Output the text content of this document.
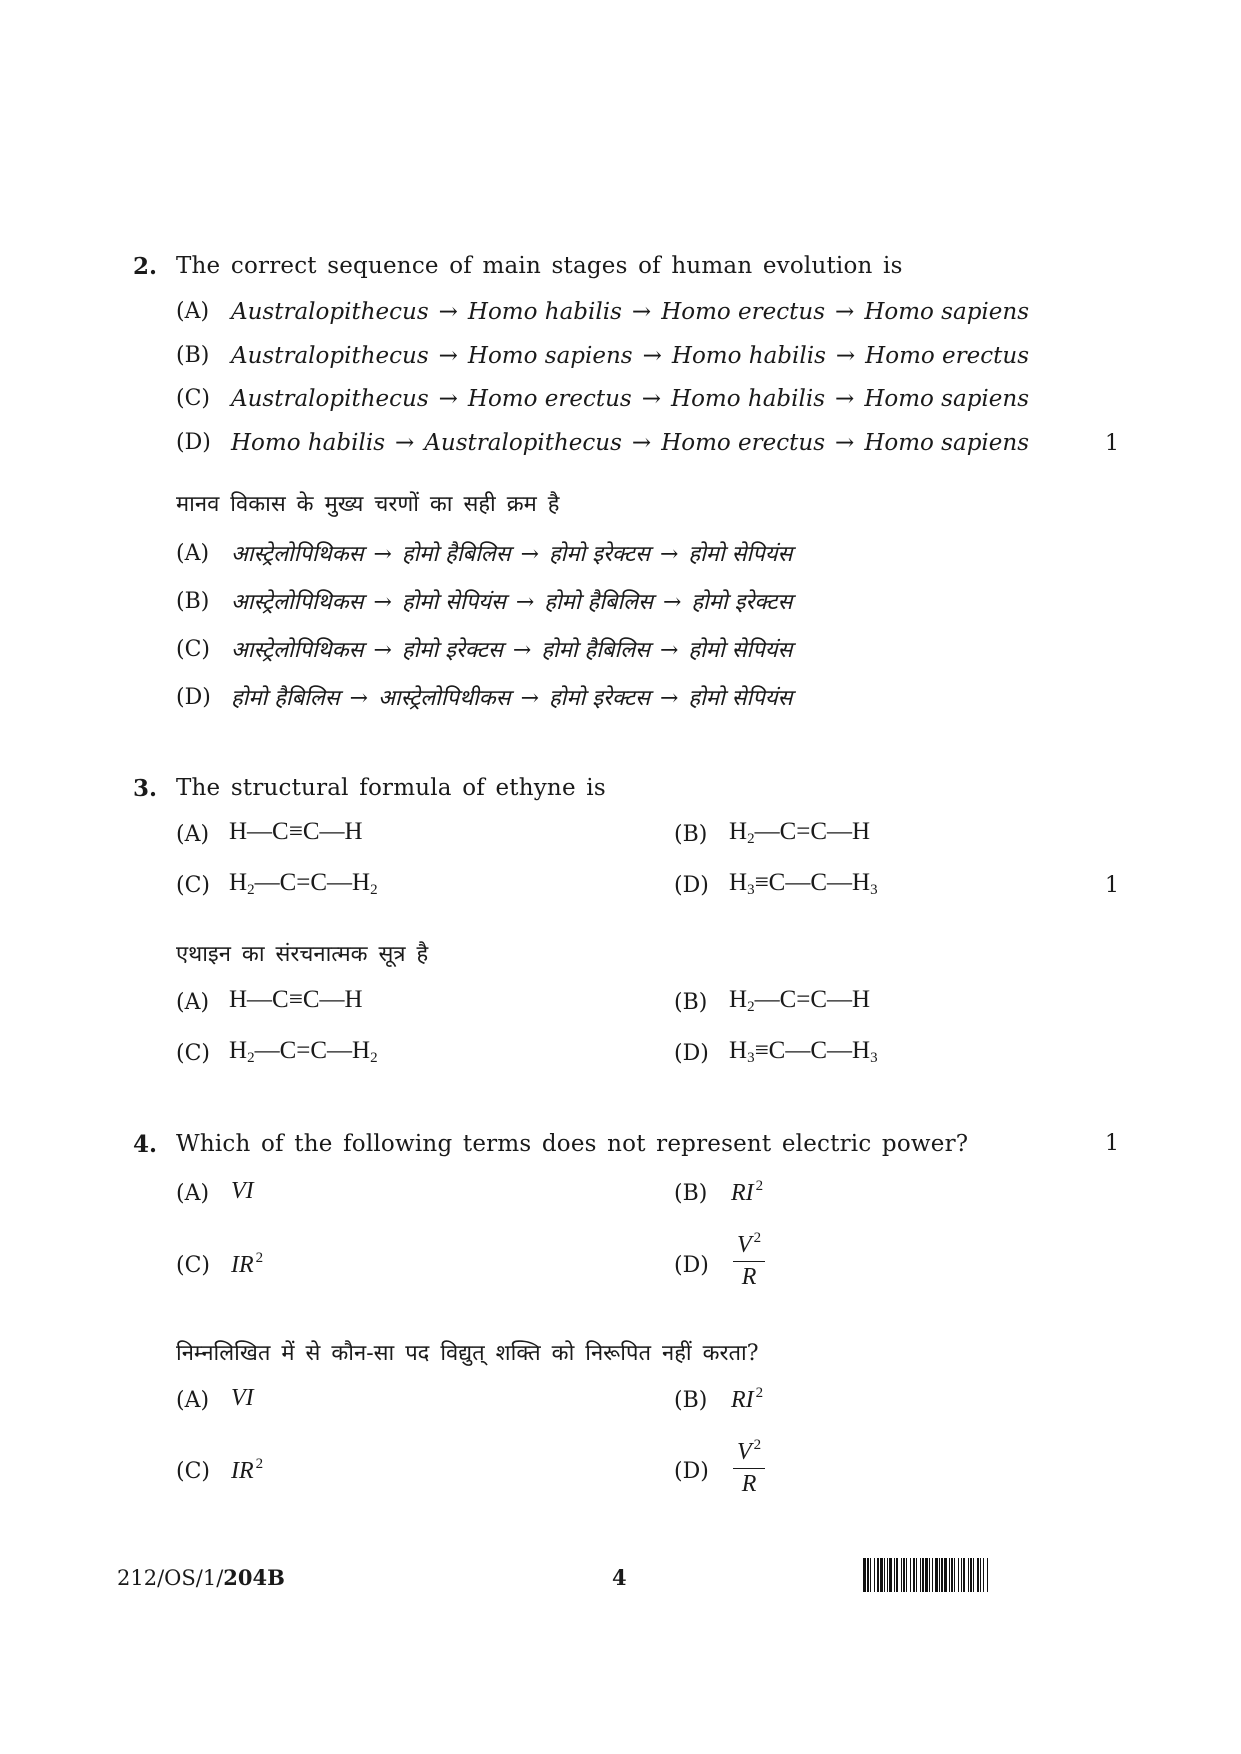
2. The correct sequence of main stages of human evolution is
(A) Australopithecus → Homo habilis → Homo erectus → Homo sapiens
(B) Australopithecus → Homo sapiens → Homo habilis → Homo erectus
(C) Australopithecus → Homo erectus → Homo habilis → Homo sapiens
(D) Homo habilis → Australopithecus → Homo erectus → Homo sapiens	1
मानव विकास के मुख्य चरणों का सही क्रम है
(A) आस्ट्रेलोपिथिकस → होमो हैबिलिस → होमो इरेक्टस → होमो सेपियंस
(B) आस्ट्रेलोपिथिकस → होमो सेपियंस → होमो हैबिलिस → होमो इरेक्टस
(C) आस्ट्रेलोपिथिकस → होमो इरेक्टस → होमो हैबिलिस → होमो सेपियंस
(D) होमो हैबिलिस → आस्ट्रेलोपिथीकस → होमो इरेक्टस → होमो सेपियंस
3. The structural formula of ethyne is
(A) H—C≡C—H	(B) $H_2—C=C—H$
(C) $H_2—C=C—H_2$	(D) $H_3\equiv C—C—H_3$	1
एथाइन का संरचनात्मक सूत्र है
(A) H—C≡C—H	(B) $H_2—C=C—H$
(C) $H_2—C=C—H_2$	(D) $H_3\equiv C—C—H_3$
4. Which of the following terms does not represent electric power?	1
(A) VI	(B) RI $^2$
(C) IR $^2$	$(D) \frac{V ^2}{R}$
निम्नलिखित में से कौन-सा पद विद्युत् शक्ति को निरूपित नहीं करता?
(A) VI	(B) RI $^2$
(C) IR $^2$	$(D) \frac{V ^2}{R}$
212/OS/1/204B	4
